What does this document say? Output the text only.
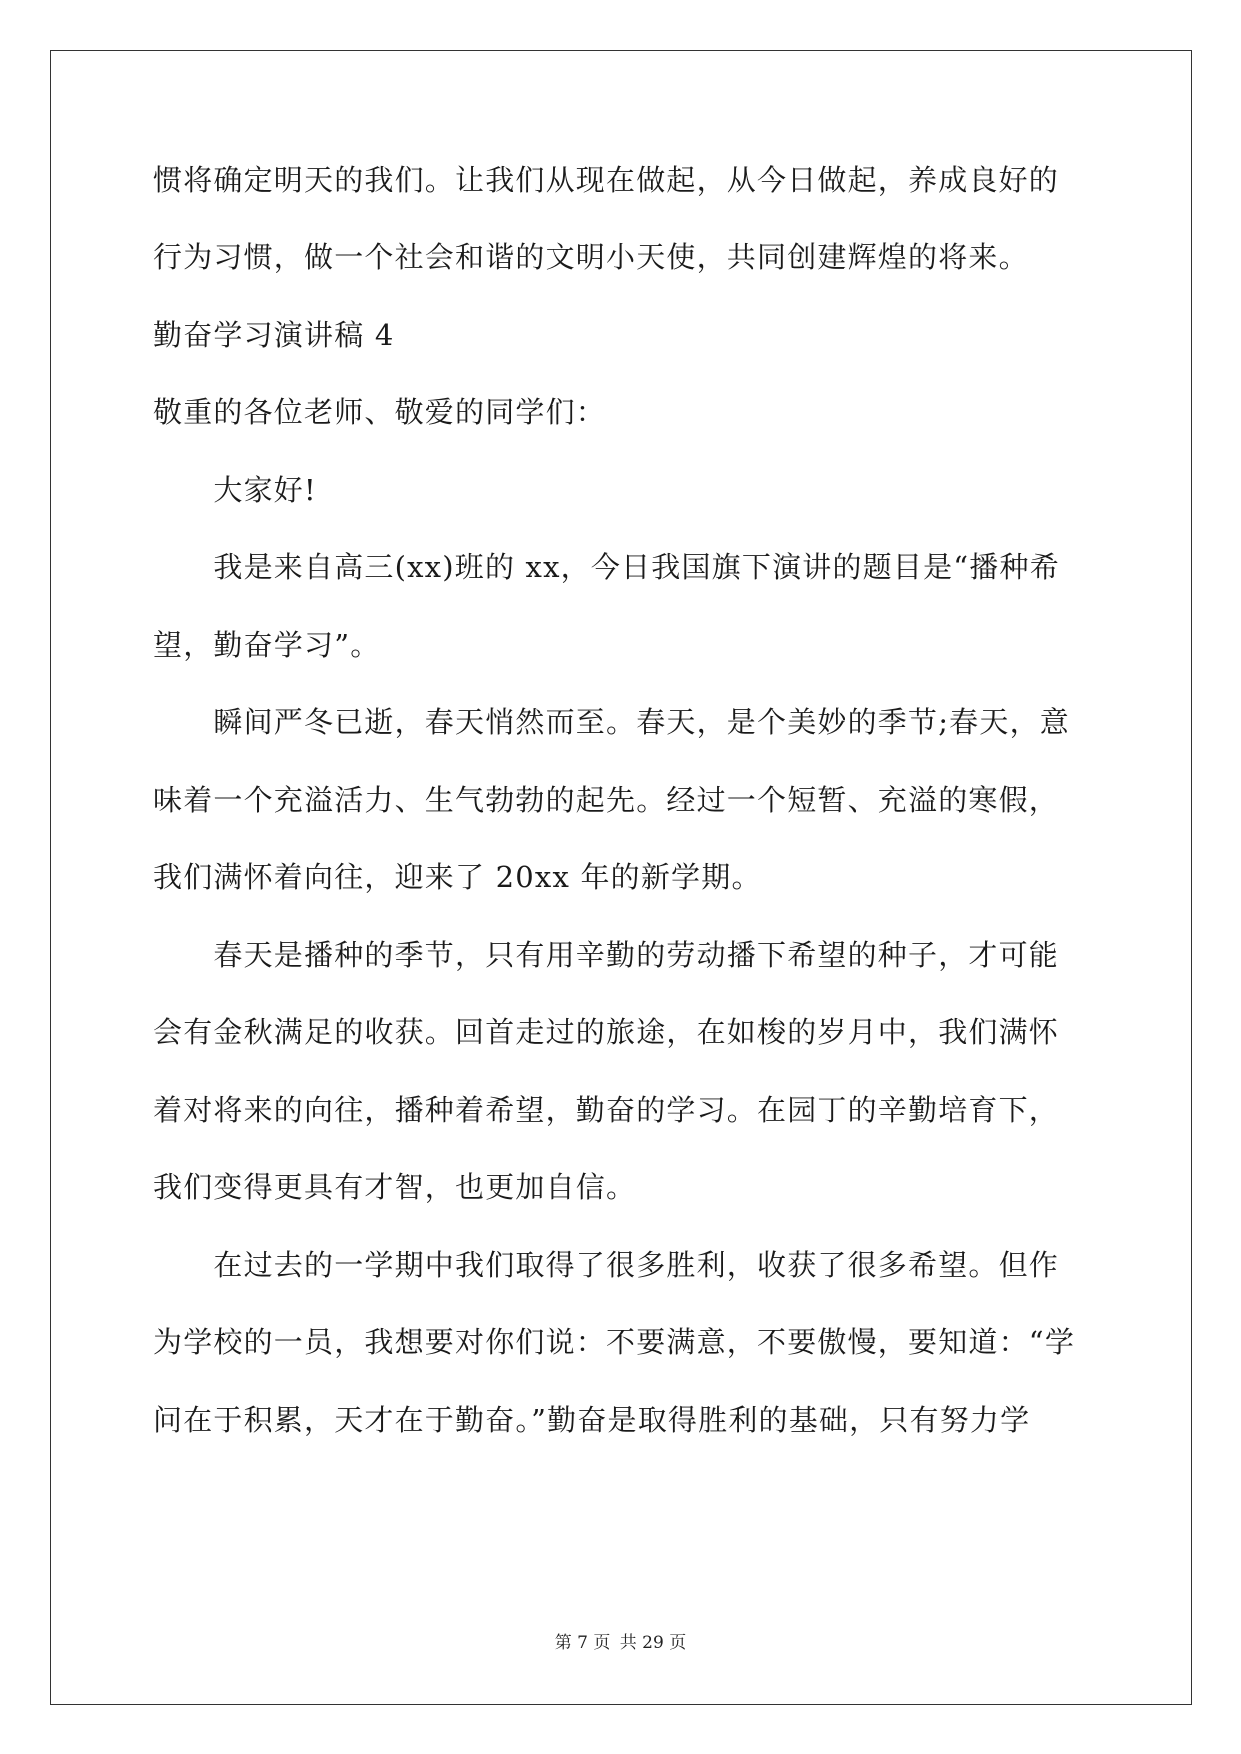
惯将确定明天的我们。让我们从现在做起，从今日做起，养成良好的
行为习惯，做一个社会和谐的文明小天使，共同创建辉煌的将来。
勤奋学习演讲稿 4
敬重的各位老师、敬爱的同学们：
　　大家好!
　　我是来自高三(xx)班的 xx，今日我国旗下演讲的题目是“播种希
望，勤奋学习”。
　　瞬间严冬已逝，春天悄然而至。春天，是个美妙的季节;春天，意
味着一个充溢活力、生气勃勃的起先。经过一个短暂、充溢的寒假，
我们满怀着向往，迎来了 20xx 年的新学期。
　　春天是播种的季节，只有用辛勤的劳动播下希望的种子，才可能
会有金秋满足的收获。回首走过的旅途，在如梭的岁月中，我们满怀
着对将来的向往，播种着希望，勤奋的学习。在园丁的辛勤培育下，
我们变得更具有才智，也更加自信。
　　在过去的一学期中我们取得了很多胜利，收获了很多希望。但作
为学校的一员，我想要对你们说：不要满意，不要傲慢，要知道：“学
问在于积累，天才在于勤奋。”勤奋是取得胜利的基础，只有努力学
第 7 页 共 29 页
